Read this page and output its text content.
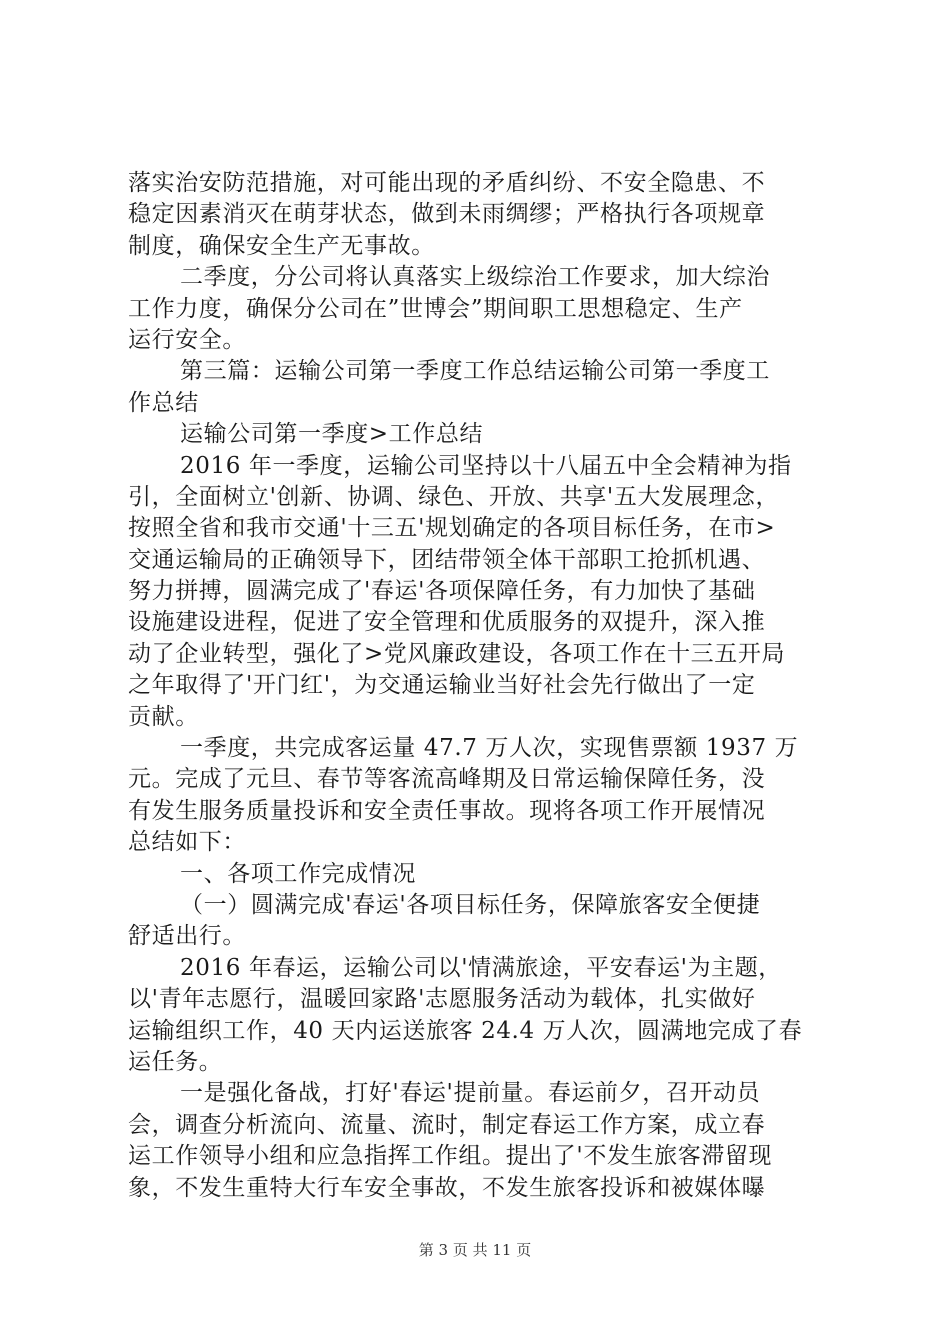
落实治安防范措施，对可能出现的矛盾纠纷、不安全隐患、不
稳定因素消灭在萌芽状态，做到未雨绸缪；严格执行各项规章
制度，确保安全生产无事故。
二季度，分公司将认真落实上级综治工作要求，加大综治
工作力度，确保分公司在”世博会”期间职工思想稳定、生产
运行安全。
第三篇：运输公司第一季度工作总结运输公司第一季度工
作总结
运输公司第一季度>工作总结
2016 年一季度，运输公司坚持以十八届五中全会精神为指
引，全面树立'创新、协调、绿色、开放、共享'五大发展理念，
按照全省和我市交通'十三五'规划确定的各项目标任务，在市>
交通运输局的正确领导下，团结带领全体干部职工抢抓机遇、
努力拼搏，圆满完成了'春运'各项保障任务，有力加快了基础
设施建设进程，促进了安全管理和优质服务的双提升，深入推
动了企业转型，强化了>党风廉政建设，各项工作在十三五开局
之年取得了'开门红'，为交通运输业当好社会先行做出了一定
贡献。
一季度，共完成客运量 47.7 万人次，实现售票额 1937 万
元。完成了元旦、春节等客流高峰期及日常运输保障任务，没
有发生服务质量投诉和安全责任事故。现将各项工作开展情况
总结如下：
一、各项工作完成情况
（一）圆满完成'春运'各项目标任务，保障旅客安全便捷
舒适出行。
2016 年春运，运输公司以'情满旅途，平安春运'为主题，
以'青年志愿行，温暖回家路'志愿服务活动为载体，扎实做好
运输组织工作，40 天内运送旅客 24.4 万人次，圆满地完成了春
运任务。
一是强化备战，打好'春运'提前量。春运前夕，召开动员
会，调查分析流向、流量、流时，制定春运工作方案，成立春
运工作领导小组和应急指挥工作组。提出了'不发生旅客滞留现
象，不发生重特大行车安全事故，不发生旅客投诉和被媒体曝
第 3 页 共 11 页
